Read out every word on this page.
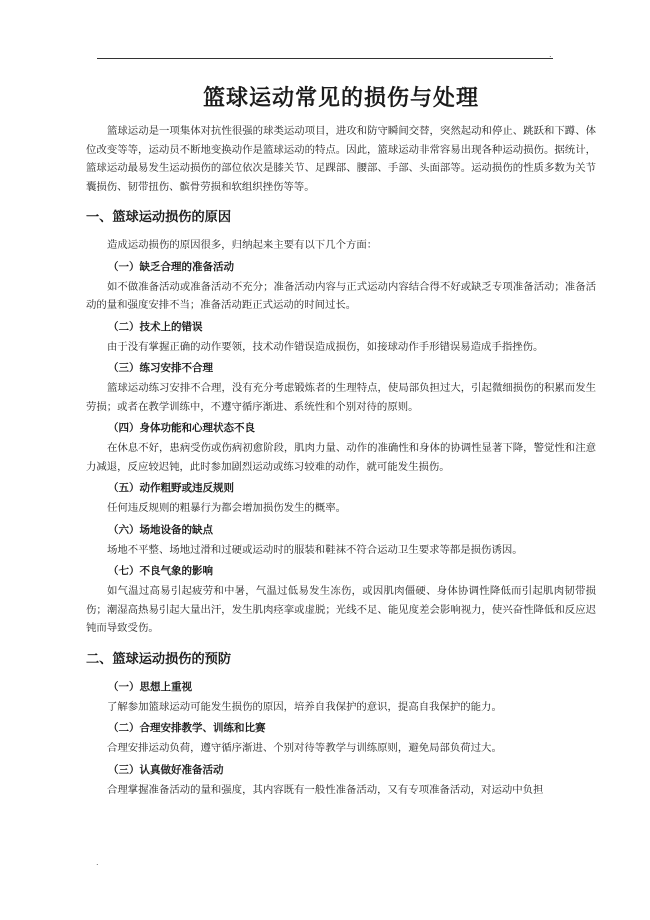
.
篮球运动常见的损伤与处理

篮球运动是一项集体对抗性很强的球类运动项目，进攻和防守瞬间交替，突然起动和停止、跳跃和下蹲、体位改变等等，运动员不断地变换动作是篮球运动的特点。因此，篮球运动非常容易出现各种运动损伤。据统计，篮球运动最易发生运动损伤的部位依次是膝关节、足踝部、腰部、手部、头面部等。运动损伤的性质多数为关节囊损伤、韧带扭伤、髌骨劳损和软组织挫伤等等。

一、篮球运动损伤的原因

造成运动损伤的原因很多，归纳起来主要有以下几个方面：

（一）缺乏合理的准备活动

如不做准备活动或准备活动不充分；准备活动内容与正式运动内容结合得不好或缺乏专项准备活动；准备活动的量和强度安排不当；准备活动距正式运动的时间过长。

（二）技术上的错误

由于没有掌握正确的动作要领，技术动作错误造成损伤，如接球动作手形错误易造成手指挫伤。

（三）练习安排不合理

篮球运动练习安排不合理，没有充分考虑锻炼者的生理特点，使局部负担过大，引起微细损伤的积累而发生劳损；或者在教学训练中，不遵守循序渐进、系统性和个别对待的原则。

（四）身体功能和心理状态不良

在休息不好，患病受伤或伤病初愈阶段，肌肉力量、动作的准确性和身体的协调性显著下降，警觉性和注意力减退，反应较迟钝，此时参加剧烈运动或练习较难的动作，就可能发生损伤。

（五）动作粗野或违反规则

任何违反规则的粗暴行为都会增加损伤发生的概率。

（六）场地设备的缺点

场地不平整、场地过滑和过硬或运动时的服装和鞋袜不符合运动卫生要求等都是损伤诱因。

（七）不良气象的影响

如气温过高易引起疲劳和中暑，气温过低易发生冻伤，或因肌肉僵硬、身体协调性降低而引起肌肉韧带损伤；潮湿高热易引起大量出汗，发生肌肉痉挛或虚脱；光线不足、能见度差会影响视力，使兴奋性降低和反应迟钝而导致受伤。

二、篮球运动损伤的预防
（一）思想上重视

了解参加篮球运动可能发生损伤的原因，培养自我保护的意识，提高自我保护的能力。

（二）合理安排教学、训练和比赛

合理安排运动负荷，遵守循序渐进、个别对待等教学与训练原则，避免局部负荷过大。

（三）认真做好准备活动

合理掌握准备活动的量和强度，其内容既有一般性准备活动，又有专项准备活动，对运动中负担

.
